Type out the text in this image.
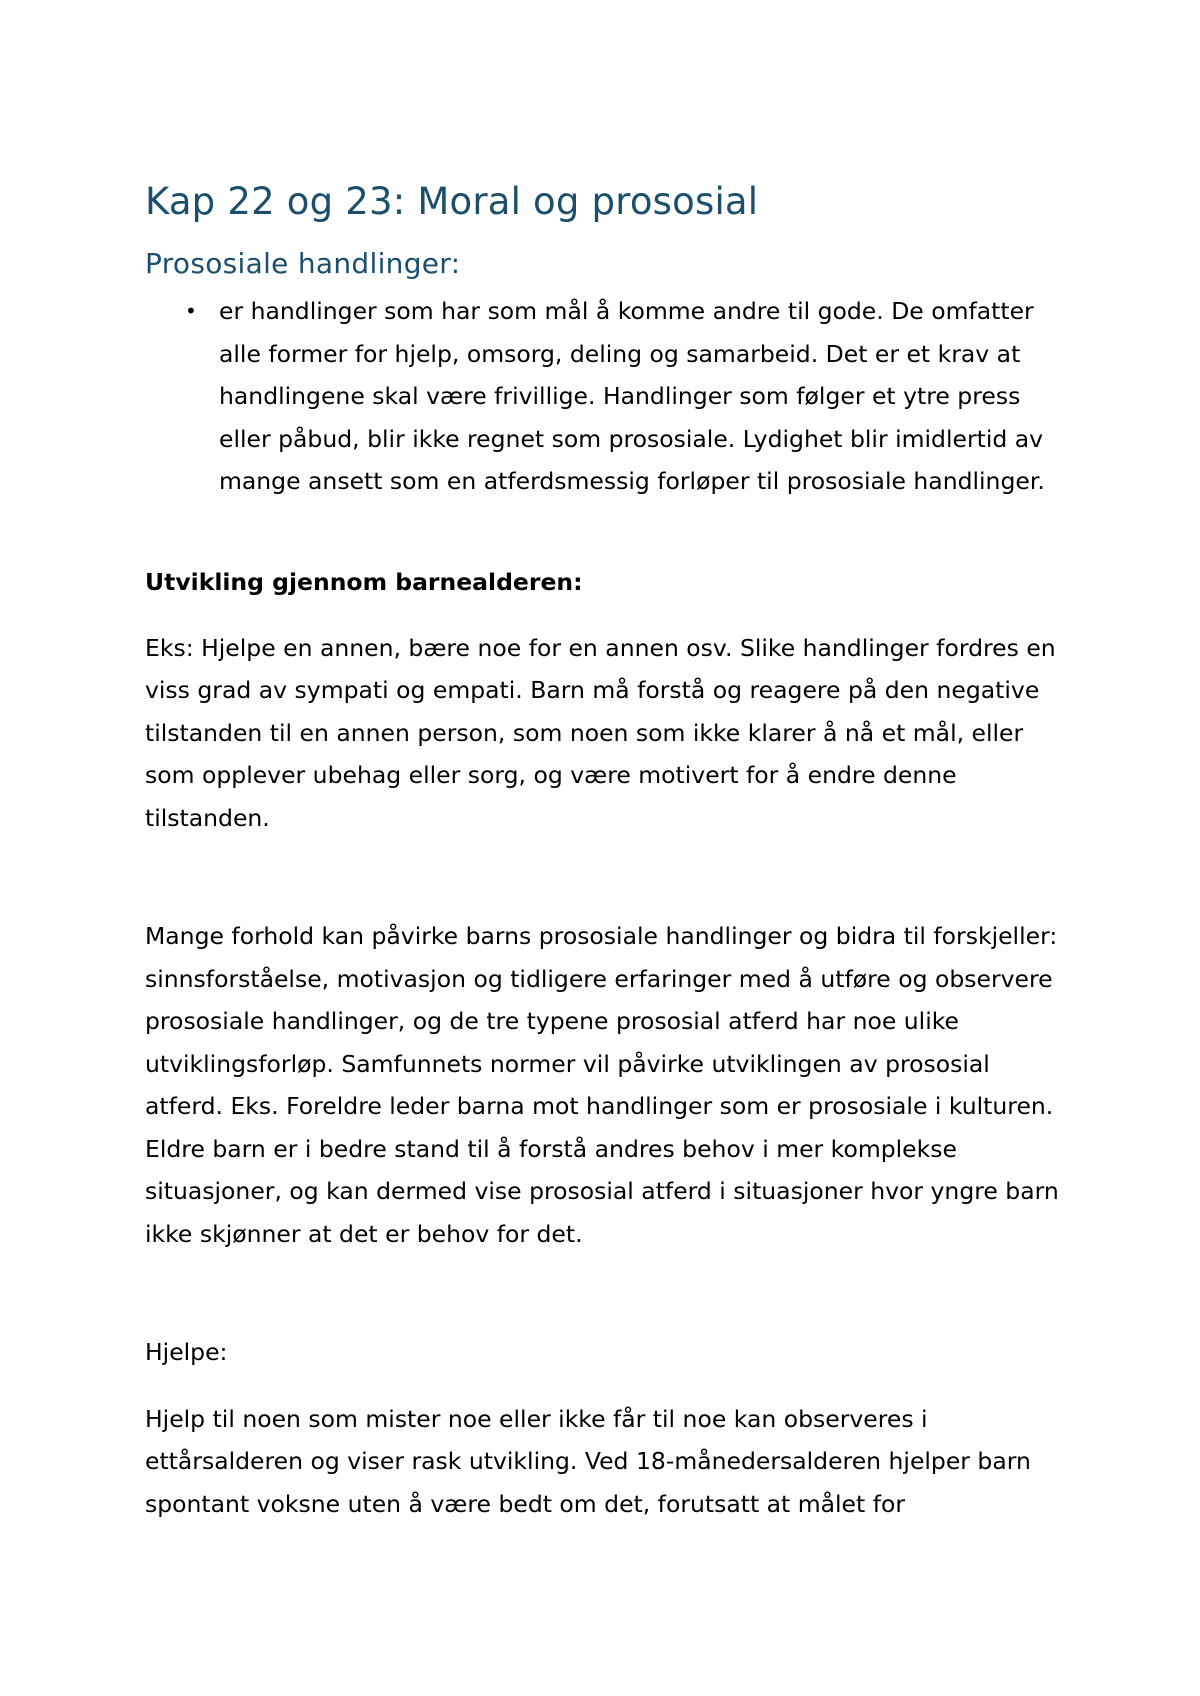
Kap 22 og 23: Moral og prososial
Prososiale handlinger:
• er handlinger som har som mål å komme andre til gode. De omfatter alle former for hjelp, omsorg, deling og samarbeid. Det er et krav at handlingene skal være frivillige. Handlinger som følger et ytre press eller påbud, blir ikke regnet som prososiale. Lydighet blir imidlertid av mange ansett som en atferdsmessig forløper til prososiale handlinger.

Utvikling gjennom barnealderen:

Eks: Hjelpe en annen, bære noe for en annen osv. Slike handlinger fordres en viss grad av sympati og empati. Barn må forstå og reagere på den negative tilstanden til en annen person, som noen som ikke klarer å nå et mål, eller som opplever ubehag eller sorg, og være motivert for å endre denne tilstanden.

Mange forhold kan påvirke barns prososiale handlinger og bidra til forskjeller: sinnsforståelse, motivasjon og tidligere erfaringer med å utføre og observere prososiale handlinger, og de tre typene prososial atferd har noe ulike utviklingsforløp. Samfunnets normer vil påvirke utviklingen av prososial atferd. Eks. Foreldre leder barna mot handlinger som er prososiale i kulturen. Eldre barn er i bedre stand til å forstå andres behov i mer komplekse situasjoner, og kan dermed vise prososial atferd i situasjoner hvor yngre barn ikke skjønner at det er behov for det.

Hjelpe:

Hjelp til noen som mister noe eller ikke får til noe kan observeres i ettårsalderen og viser rask utvikling. Ved 18-månedersalderen hjelper barn spontant voksne uten å være bedt om det, forutsatt at målet for
